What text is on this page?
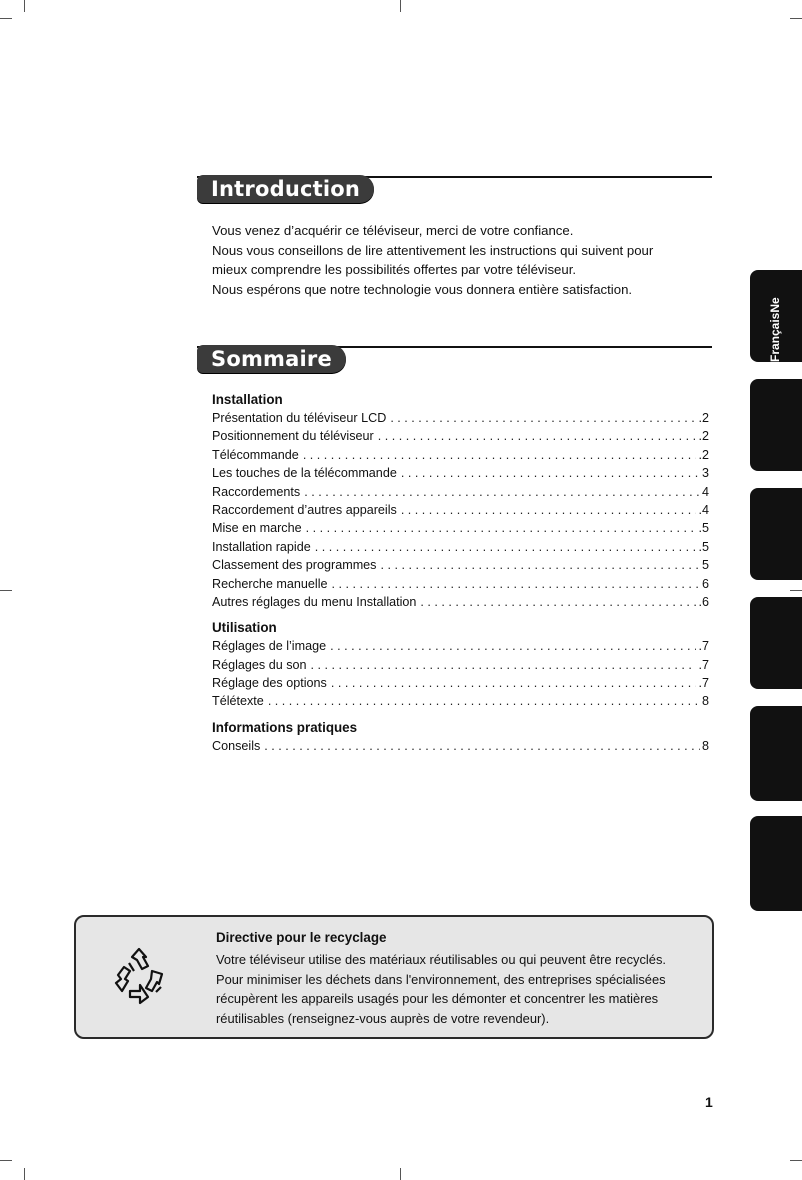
Introduction

Vous venez d’acquérir ce téléviseur, merci de votre confiance.

Nous vous conseillons de lire attentivement les instructions qui suivent pour

mieux comprendre les possibilités offertes par votre téléviseur.

Nous espérons que notre technologie vous donnera entière satisfaction.

Sommaire
Installation
Présentation du téléviseur LCD . . .	.2
Positionnement du téléviseur . . .	.2
Télécommande . . .	.2
Les touches de la télécommande . . .	3
Raccordements . . .	4
Raccordement d’autres appareils . . .	.4
Mise en marche . . .	.5
Installation rapide . . .	.5
Classement des programmes . . .	5
Recherche manuelle . . .	6
Autres réglages du menu Installation . . .	.6
Utilisation
Réglages de l’image . . .	.7
Réglages du son . . .	.7
Réglage des options . . .	.7
Télétexte . . .	8
Informations pratiques
Conseils . . .	8
FrançaisNe
Directive pour le recyclage

Votre téléviseur utilise des matériaux réutilisables ou qui peuvent être recyclés.

Pour minimiser les déchets dans l'environnement, des entreprises spécialisées

récupèrent les appareils usagés pour les démonter et concentrer les matières

réutilisables (renseignez-vous auprès de votre revendeur).

1
